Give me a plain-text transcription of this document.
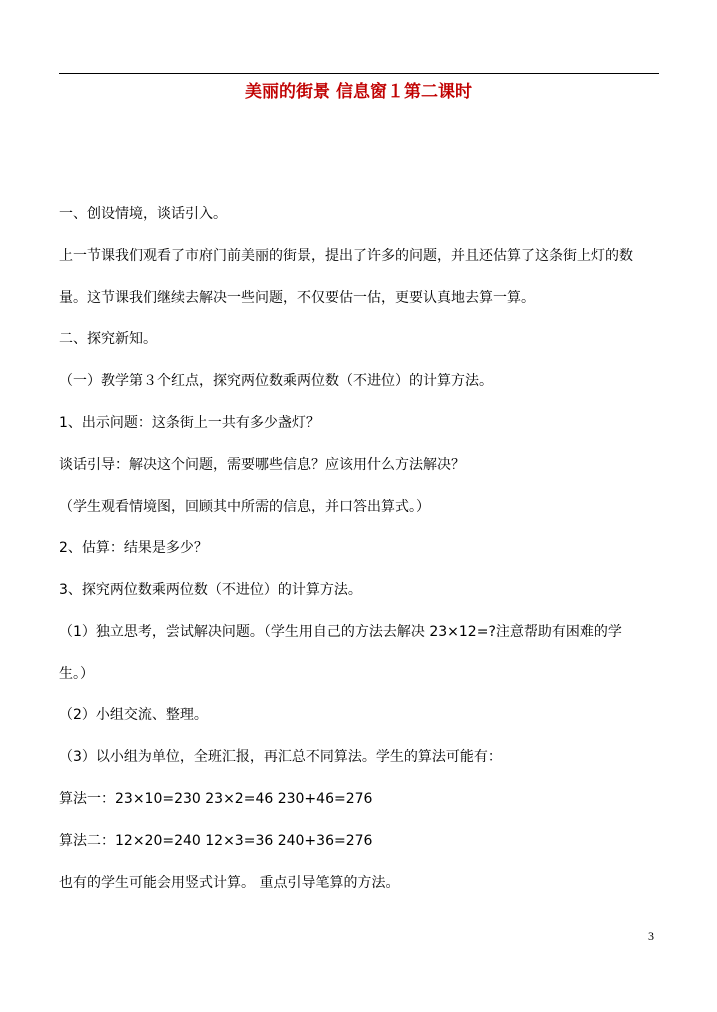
美丽的街景 信息窗１第二课时
一、创设情境，谈话引入。
上一节课我们观看了市府门前美丽的街景，提出了许多的问题，并且还估算了这条街上灯的数
量。这节课我们继续去解决一些问题，不仅要估一估，更要认真地去算一算。
二、探究新知。
（一）教学第３个红点，探究两位数乘两位数（不进位）的计算方法。
1、出示问题：这条街上一共有多少盏灯？
谈话引导：解决这个问题，需要哪些信息？应该用什么方法解决？
（学生观看情境图，回顾其中所需的信息，并口答出算式。）
2、估算：结果是多少？
3、探究两位数乘两位数（不进位）的计算方法。
（1）独立思考，尝试解决问题。（学生用自己的方法去解决 23×12=?注意帮助有困难的学
生。）
（2）小组交流、整理。
（3）以小组为单位，全班汇报，再汇总不同算法。学生的算法可能有：
算法一：23×10=230 23×2=46 230+46=276
算法二：12×20=240 12×3=36 240+36=276
也有的学生可能会用竖式计算。 重点引导笔算的方法。
3
